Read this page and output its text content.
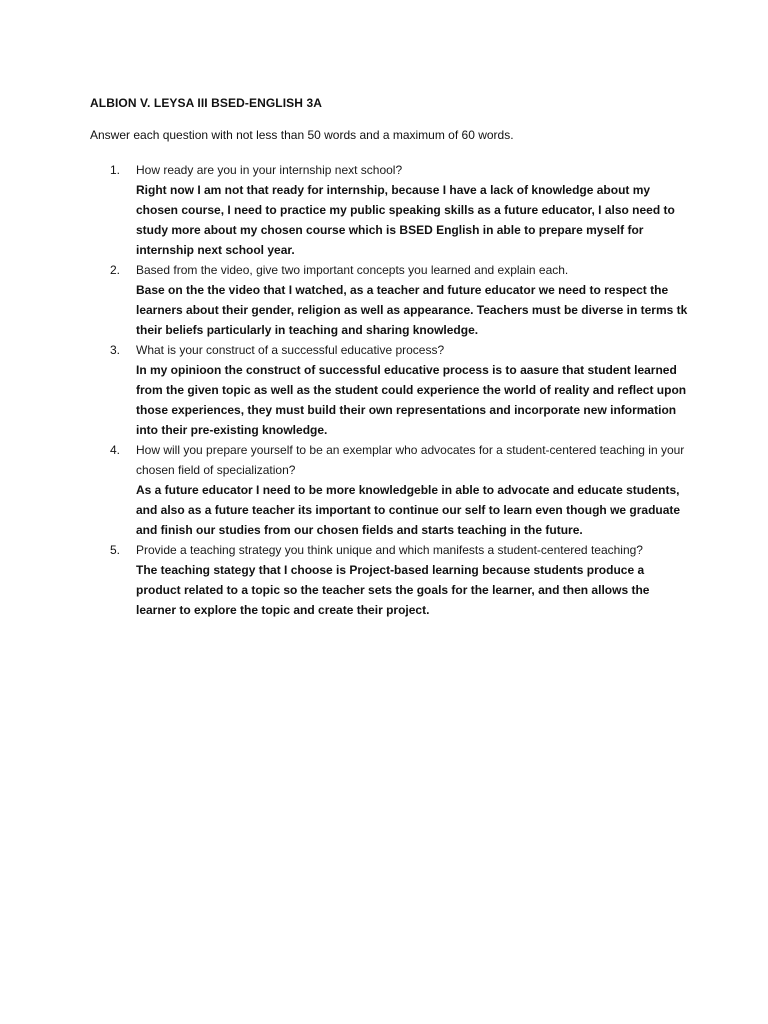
ALBION V. LEYSA III BSED-ENGLISH 3A
Answer each question with not less than 50 words and a maximum of 60 words.
1. How ready are you in your internship next school?
Right now I am not that ready for internship, because I have a lack of knowledge about my chosen course, I need to practice my public speaking skills as a future educator, I also need to study more about my chosen course which is BSED English in able to prepare myself for internship next school year.
2. Based from the video, give two important concepts you learned and explain each.
Base on the the video that I watched, as a teacher and future educator we need to respect the learners about their gender, religion as well as appearance. Teachers must be diverse in terms tk their beliefs particularly in teaching and sharing knowledge.
3. What is your construct of a successful educative process?
In my opinioon the construct of successful educative process is to aasure that student learned from the given topic as well as the student could experience the world of reality and reflect upon those experiences, they must build their own representations and incorporate new information into their pre-existing knowledge.
4. How will you prepare yourself to be an exemplar who advocates for a student-centered teaching in your chosen field of specialization?
As a future educator I need to be more knowledgeble in able to advocate and educate students, and also as a future teacher its important to continue our self to learn even though we graduate and finish our studies from our chosen fields and starts teaching in the future.
5. Provide a teaching strategy you think unique and which manifests a student-centered teaching?
The teaching stategy that I choose is Project-based learning because students produce a product related to a topic so the teacher sets the goals for the learner, and then allows the learner to explore the topic and create their project.
